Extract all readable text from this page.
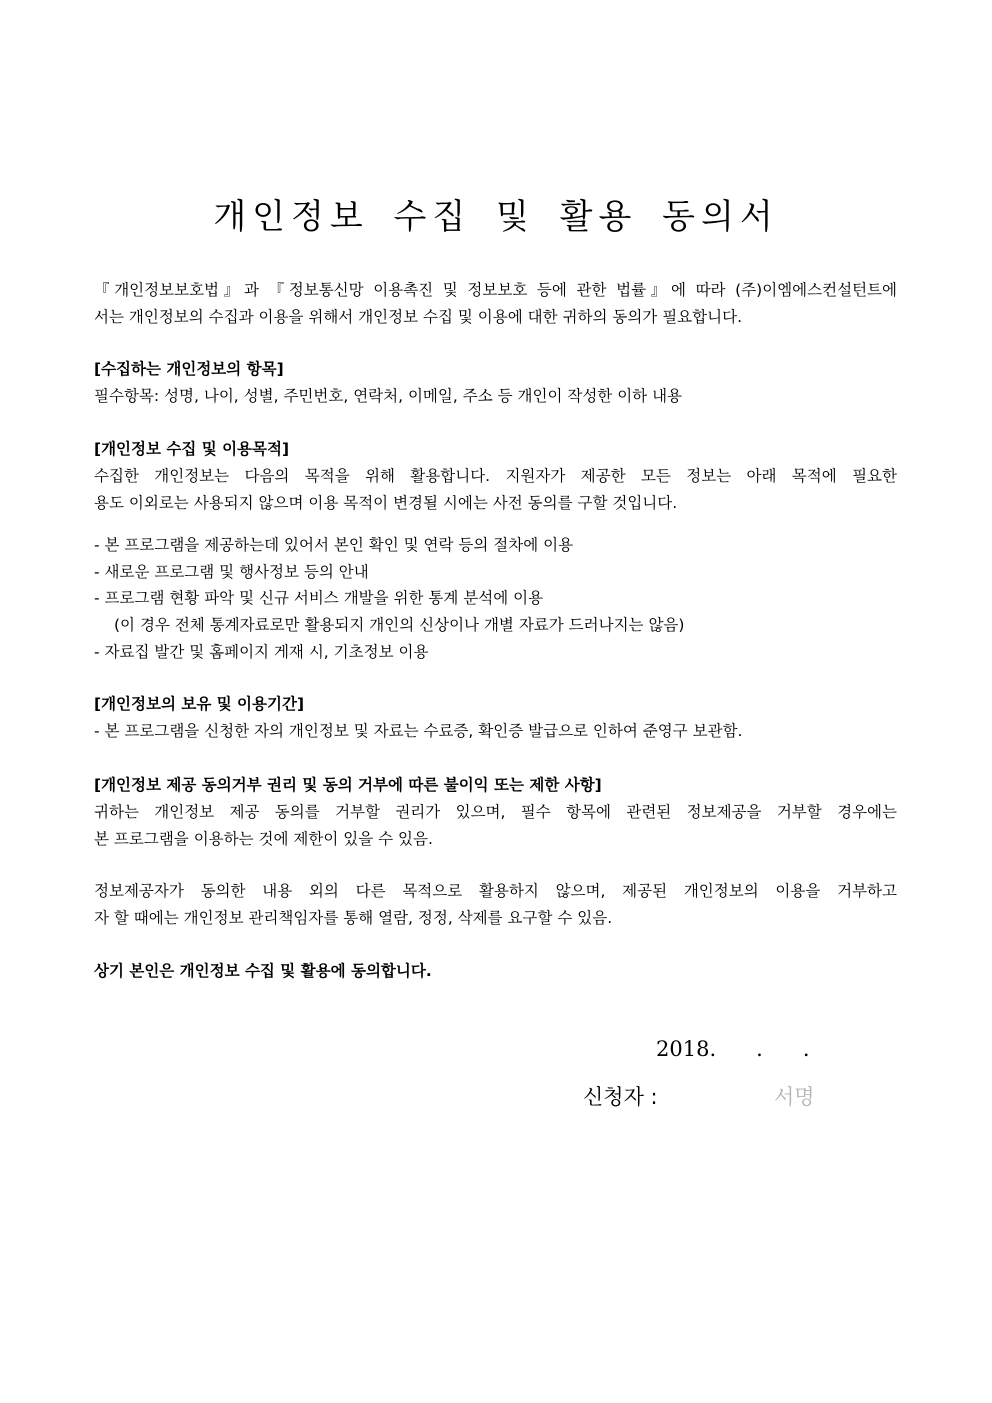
개인정보 수집 및 활용 동의서
『개인정보보호법』과 『정보통신망 이용촉진 및 정보보호 등에 관한 법률』에 따라 (주)이엠에스컨설턴트에
서는 개인정보의 수집과 이용을 위해서 개인정보 수집 및 이용에 대한 귀하의 동의가 필요합니다.
[수집하는 개인정보의 항목]
필수항목: 성명, 나이, 성별, 주민번호, 연락처, 이메일, 주소 등 개인이 작성한 이하 내용
[개인정보 수집 및 이용목적]
수집한 개인정보는 다음의 목적을 위해 활용합니다. 지원자가 제공한 모든 정보는 아래 목적에 필요한
용도 이외로는 사용되지 않으며 이용 목적이 변경될 시에는 사전 동의를 구할 것입니다.
- 본 프로그램을 제공하는데 있어서 본인 확인 및 연락 등의 절차에 이용
- 새로운 프로그램 및 행사정보 등의 안내
- 프로그램 현황 파악 및 신규 서비스 개발을 위한 통계 분석에 이용
(이 경우 전체 통계자료로만 활용되지 개인의 신상이나 개별 자료가 드러나지는 않음)
- 자료집 발간 및 홈페이지 게재 시, 기초정보 이용
[개인정보의 보유 및 이용기간]
- 본 프로그램을 신청한 자의 개인정보 및 자료는 수료증, 확인증 발급으로 인하여 준영구 보관함.
[개인정보 제공 동의거부 권리 및 동의 거부에 따른 불이익 또는 제한 사항]
귀하는 개인정보 제공 동의를 거부할 권리가 있으며, 필수 항목에 관련된 정보제공을 거부할 경우에는
본 프로그램을 이용하는 것에 제한이 있을 수 있음.
정보제공자가 동의한 내용 외의 다른 목적으로 활용하지 않으며, 제공된 개인정보의 이용을 거부하고
자 할 때에는 개인정보 관리책임자를 통해 열람, 정정, 삭제를 요구할 수 있음.
상기 본인은 개인정보 수집 및 활용에 동의합니다.
2018.      .      .
신청자 :	서명
